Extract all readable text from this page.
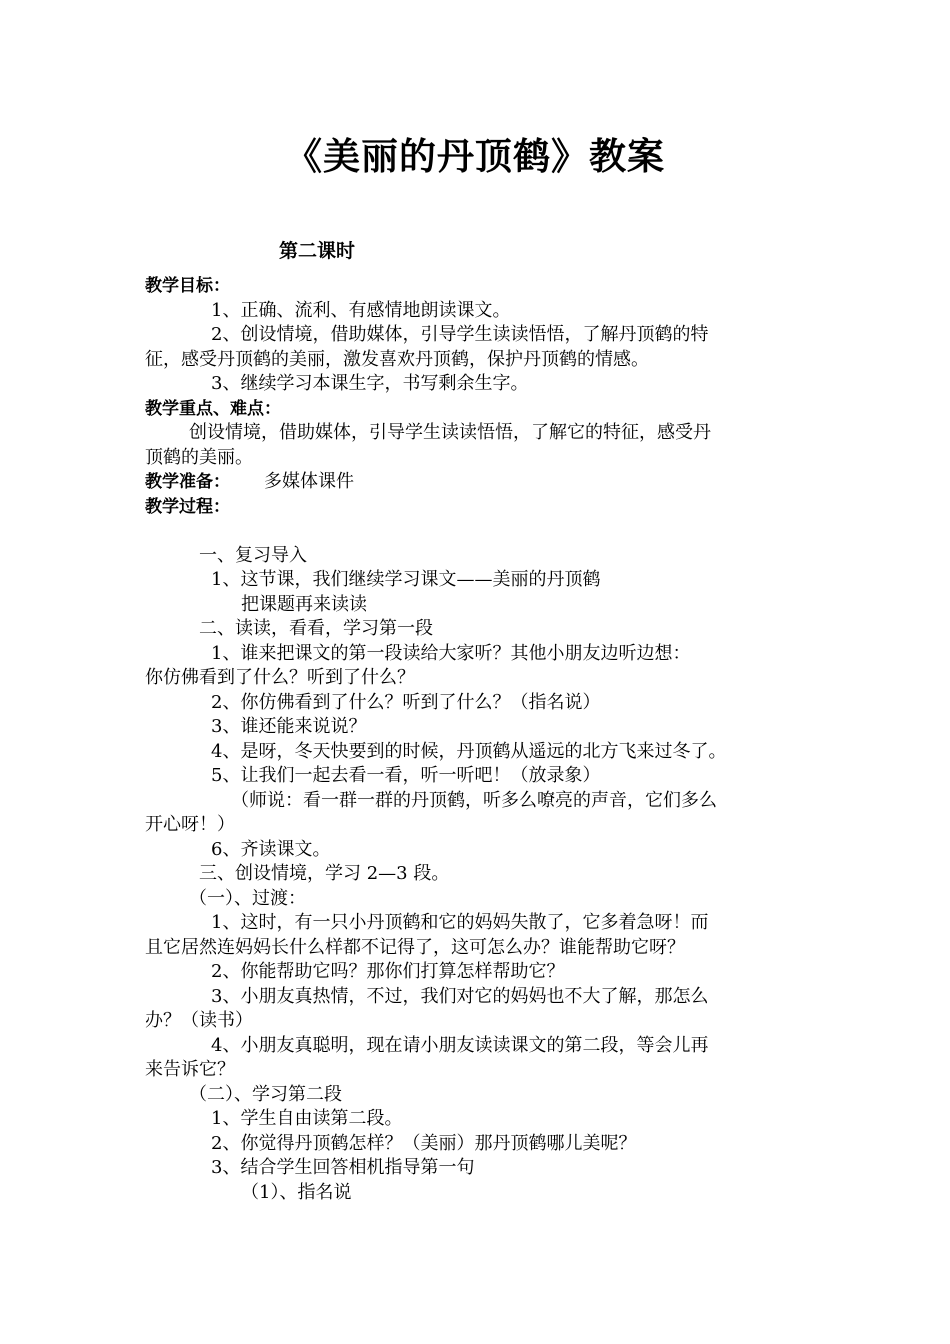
《美丽的丹顶鹤》教案
第二课时
教学目标：
1、正确、流利、有感情地朗读课文。
2、创设情境，借助媒体，引导学生读读悟悟，了解丹顶鹤的特
征，感受丹顶鹤的美丽，激发喜欢丹顶鹤，保护丹顶鹤的情感。
3、继续学习本课生字，书写剩余生字。
教学重点、难点：
创设情境，借助媒体，引导学生读读悟悟，了解它的特征，感受丹
顶鹤的美丽。
教学准备： 多媒体课件
教学过程：
一、复习导入
1、这节课，我们继续学习课文——美丽的丹顶鹤
把课题再来读读
二、读读，看看，学习第一段
1、谁来把课文的第一段读给大家听？其他小朋友边听边想：
你仿佛看到了什么？听到了什么？
2、你仿佛看到了什么？听到了什么？（指名说）
3、谁还能来说说？
4、是呀，冬天快要到的时候，丹顶鹤从遥远的北方飞来过冬了。
5、让我们一起去看一看，听一听吧！（放录象）
（师说：看一群一群的丹顶鹤，听多么嘹亮的声音，它们多么
开心呀！）
6、齐读课文。
三、创设情境，学习 2—3 段。
（一）、过渡：
1、这时，有一只小丹顶鹤和它的妈妈失散了，它多着急呀！而
且它居然连妈妈长什么样都不记得了，这可怎么办？谁能帮助它呀？
2、你能帮助它吗？那你们打算怎样帮助它？
3、小朋友真热情，不过，我们对它的妈妈也不大了解，那怎么
办？（读书）
4、小朋友真聪明，现在请小朋友读读课文的第二段，等会儿再
来告诉它？
（二）、学习第二段
1、学生自由读第二段。
2、你觉得丹顶鹤怎样？（美丽）那丹顶鹤哪儿美呢？
3、结合学生回答相机指导第一句
（1）、指名说
